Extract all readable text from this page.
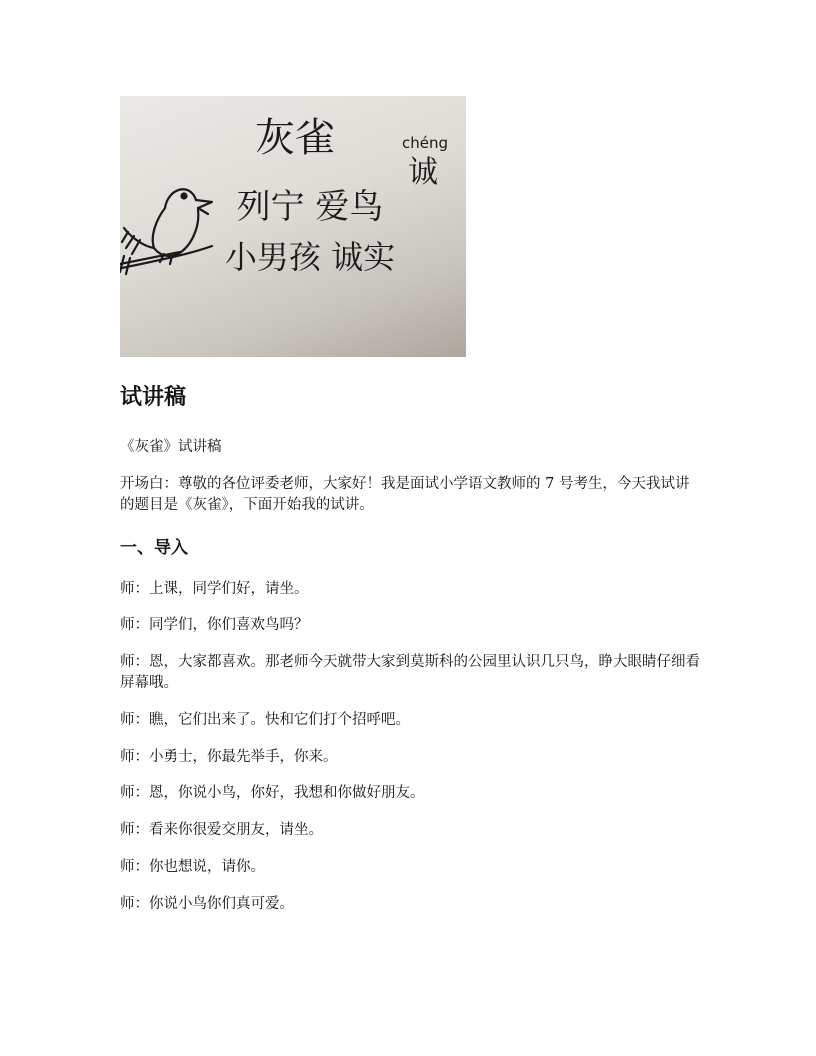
灰雀	chéng
诚
列宁 爱鸟
小男孩 诚实
试讲稿

《灰雀》试讲稿

开场白：尊敬的各位评委老师，大家好！我是面试小学语文教师的 7 号考生，今天我试讲的题目是《灰雀》，下面开始我的试讲。

一、导入

师：上课，同学们好，请坐。

师：同学们，你们喜欢鸟吗？

师：恩，大家都喜欢。那老师今天就带大家到莫斯科的公园里认识几只鸟，睁大眼睛仔细看屏幕哦。

师：瞧，它们出来了。快和它们打个招呼吧。

师：小勇士，你最先举手，你来。

师：恩，你说小鸟，你好，我想和你做好朋友。

师：看来你很爱交朋友，请坐。

师：你也想说，请你。

师：你说小鸟你们真可爱。
